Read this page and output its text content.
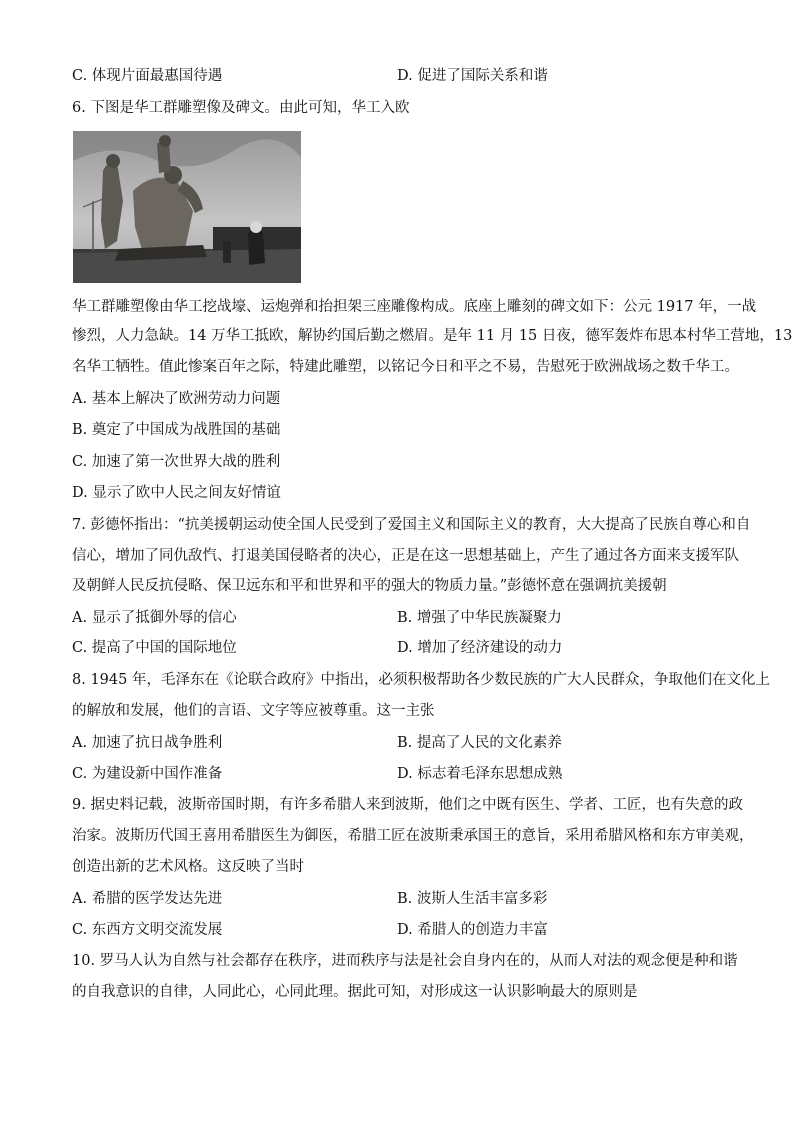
C. 体现片面最惠国待遇	D. 促进了国际关系和谐
6. 下图是华工群雕塑像及碑文。由此可知，华工入欧
华工群雕塑像由华工挖战壕、运炮弹和抬担架三座雕像构成。底座上雕刻的碑文如下：公元 1917 年，一战
惨烈，人力急缺。14 万华工抵欧，解协约国后勤之燃眉。是年 11 月 15 日夜，德军轰炸布思本村华工营地，13
名华工牺牲。值此惨案百年之际，特建此雕塑，以铭记今日和平之不易，告慰死于欧洲战场之数千华工。
A. 基本上解决了欧洲劳动力问题
B. 奠定了中国成为战胜国的基础
C. 加速了第一次世界大战的胜利
D. 显示了欧中人民之间友好情谊
7. 彭德怀指出：“抗美援朝运动使全国人民受到了爱国主义和国际主义的教育，大大提高了民族自尊心和自
信心，增加了同仇敌忾、打退美国侵略者的决心，正是在这一思想基础上，产生了通过各方面来支援军队
及朝鲜人民反抗侵略、保卫远东和平和世界和平的强大的物质力量。”彭德怀意在强调抗美援朝
A. 显示了抵御外辱的信心	B. 增强了中华民族凝聚力
C. 提高了中国的国际地位	D. 增加了经济建设的动力
8. 1945 年，毛泽东在《论联合政府》中指出，必须积极帮助各少数民族的广大人民群众，争取他们在文化上
的解放和发展，他们的言语、文字等应被尊重。这一主张
A. 加速了抗日战争胜利	B. 提高了人民的文化素养
C. 为建设新中国作准备	D. 标志着毛泽东思想成熟
9. 据史料记载，波斯帝国时期，有许多希腊人来到波斯，他们之中既有医生、学者、工匠，也有失意的政
治家。波斯历代国王喜用希腊医生为御医，希腊工匠在波斯秉承国王的意旨，采用希腊风格和东方审美观，
创造出新的艺术风格。这反映了当时
A. 希腊的医学发达先进	B. 波斯人生活丰富多彩
C. 东西方文明交流发展	D. 希腊人的创造力丰富
10. 罗马人认为自然与社会都存在秩序，进而秩序与法是社会自身内在的，从而人对法的观念便是种和谐
的自我意识的自律，人同此心，心同此理。据此可知，对形成这一认识影响最大的原则是
